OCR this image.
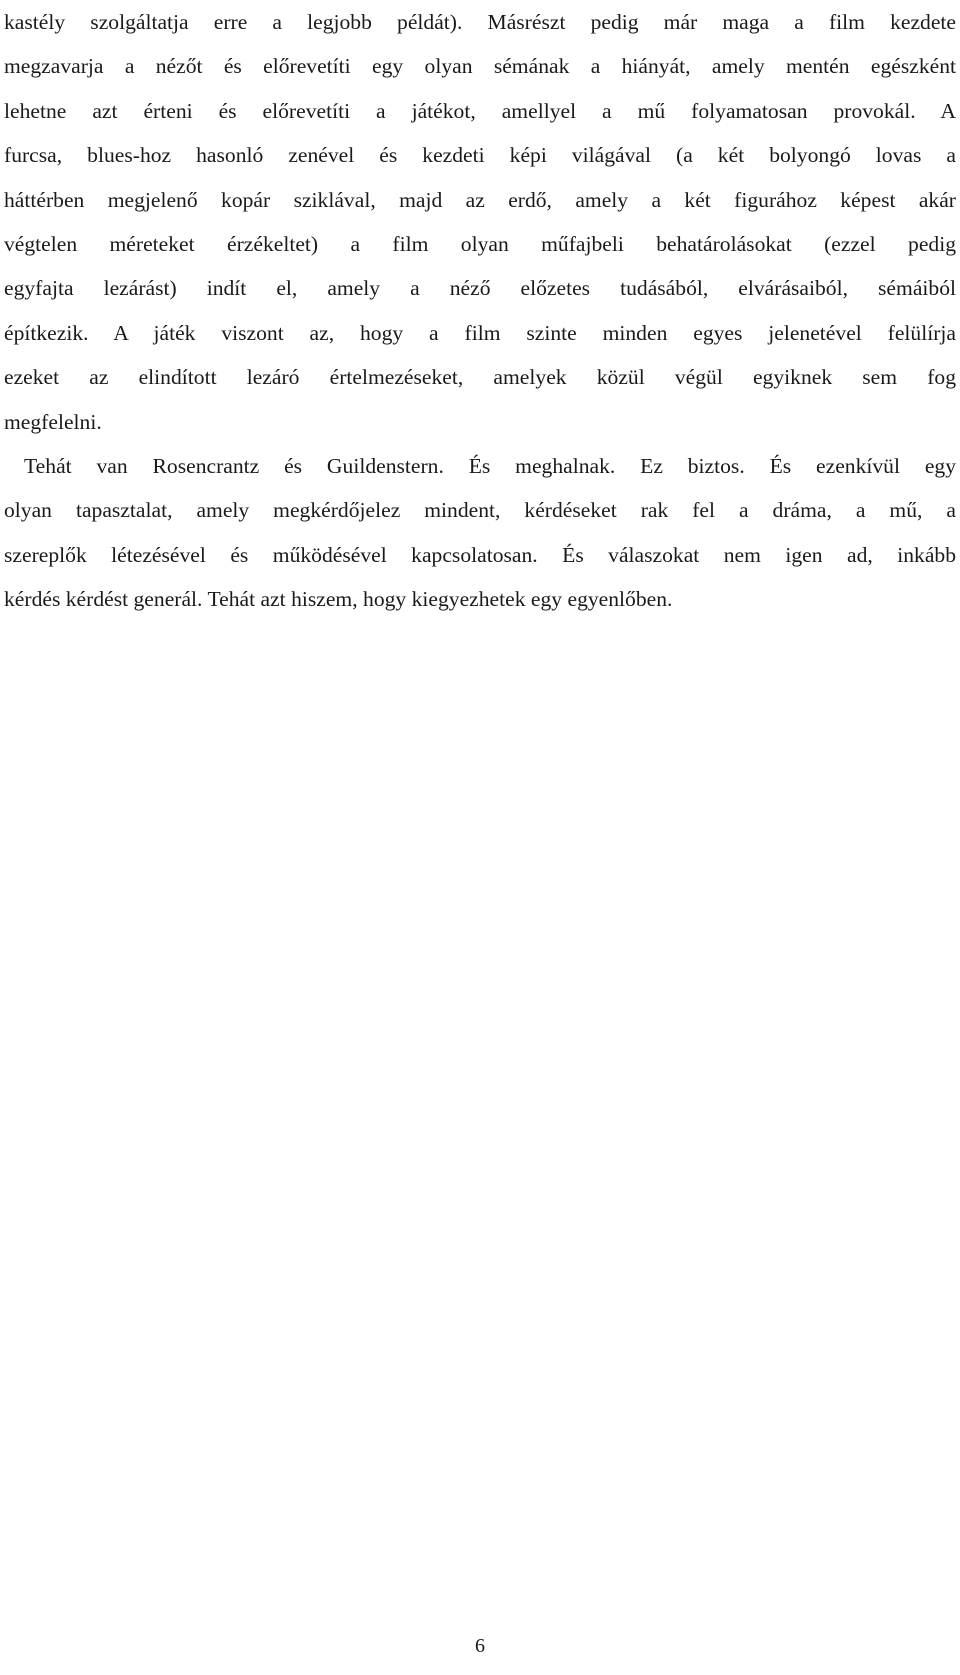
kastély szolgáltatja erre a legjobb példát). Másrészt pedig már maga a film kezdete
megzavarja a nézőt és előrevetíti egy olyan sémának a hiányát, amely mentén egészként
lehetne azt érteni és előrevetíti a játékot, amellyel a mű folyamatosan provokál. A
furcsa, blues-hoz hasonló zenével és kezdeti képi világával (a két bolyongó lovas a
háttérben megjelenő kopár sziklával, majd az erdő, amely a két figurához képest akár
végtelen méreteket érzékeltet) a film olyan műfajbeli behatárolásokat (ezzel pedig
egyfajta lezárást) indít el, amely a néző előzetes tudásából, elvárásaiból, sémáiból
építkezik. A játék viszont az, hogy a film szinte minden egyes jelenetével felülírja
ezeket az elindított lezáró értelmezéseket, amelyek közül végül egyiknek sem fog
megfelelni.
Tehát van Rosencrantz és Guildenstern. És meghalnak. Ez biztos. És ezenkívül egy
olyan tapasztalat, amely megkérdőjelez mindent, kérdéseket rak fel a dráma, a mű, a
szereplők létezésével és működésével kapcsolatosan. És válaszokat nem igen ad, inkább
kérdés kérdést generál. Tehát azt hiszem, hogy kiegyezhetek egy egyenlőben.
6
